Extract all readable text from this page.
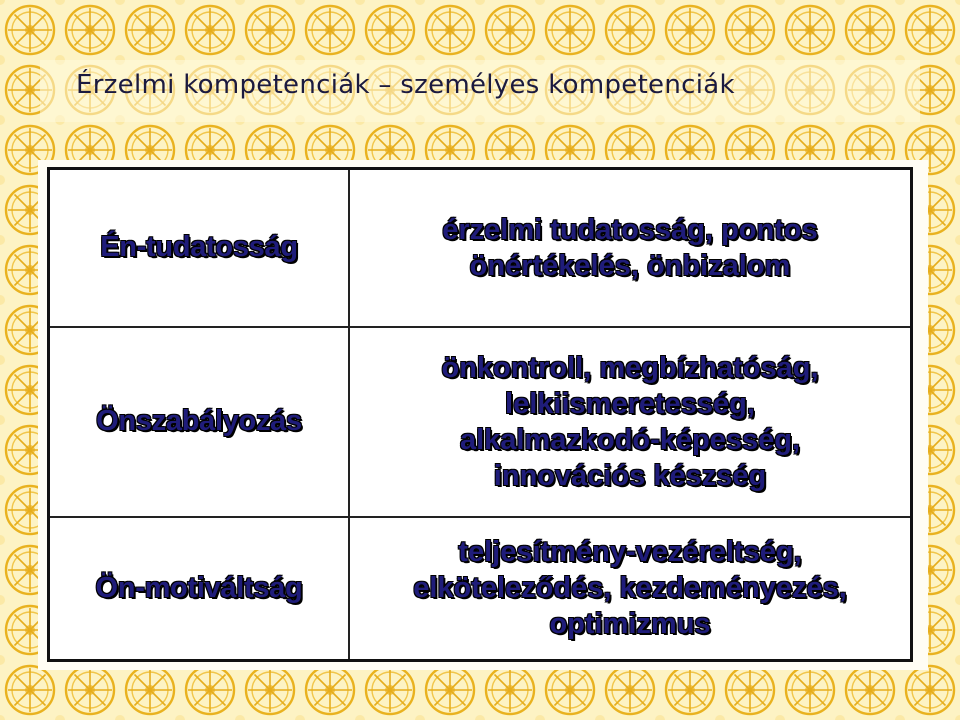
Érzelmi kompetenciák – személyes kompetenciák
Én-tudatosság	érzelmi tudatosság, pontos
önértékelés, önbizalom

Önszabályozás	önkontroll, megbízhatóság,
lelkiismeretesség,
alkalmazkodó-képesség,
innovációs készség

Ön-motiváltság	teljesítmény-vezéreltség,
elköteleződés, kezdeményezés,
optimizmus
